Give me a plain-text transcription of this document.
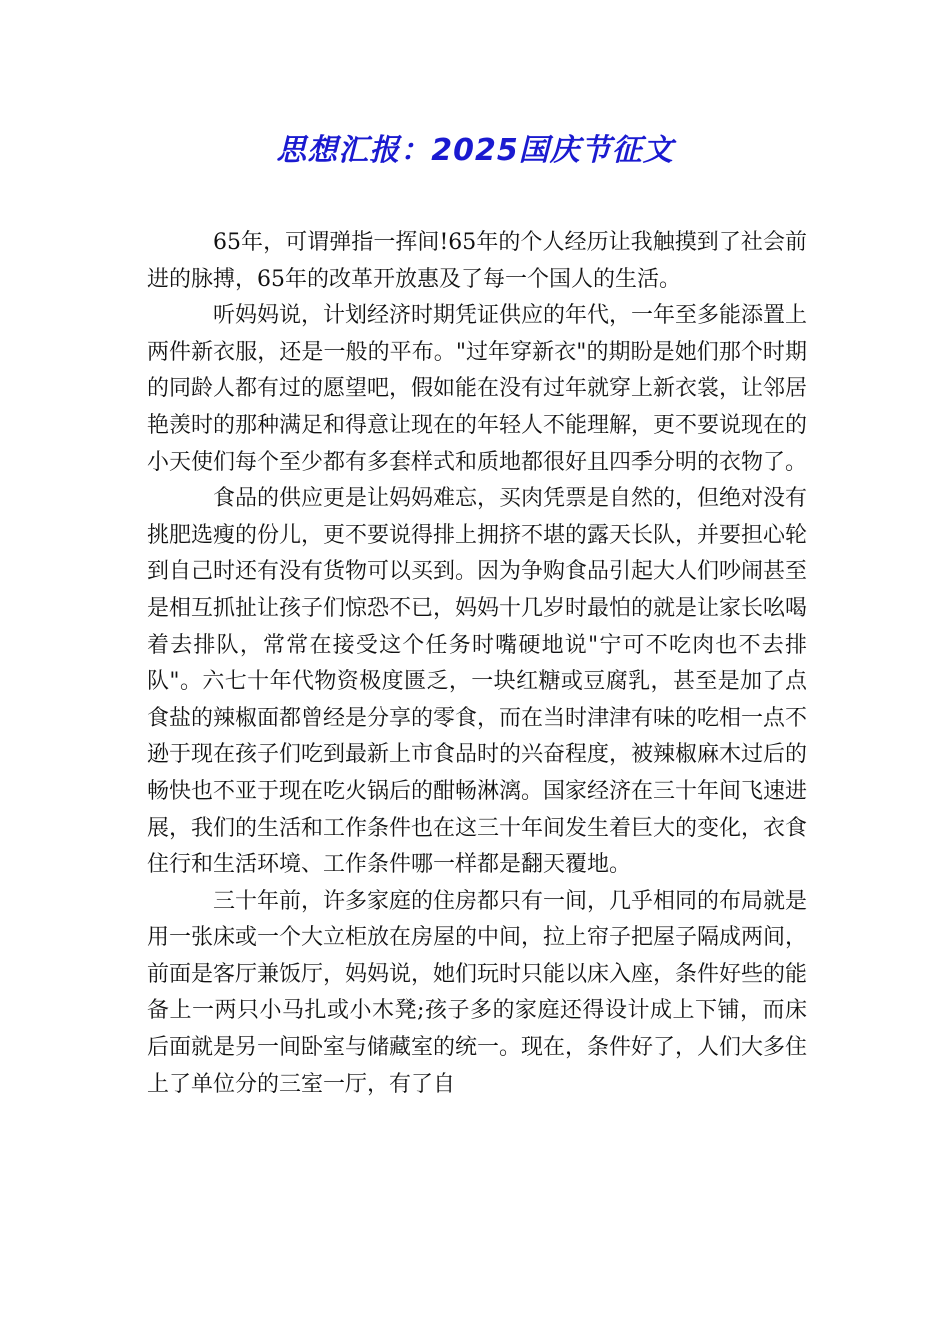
思想汇报：2025国庆节征文

65年，可谓弹指一挥间!65年的个人经历让我触摸到了社会前进的脉搏，65年的改革开放惠及了每一个国人的生活。

听妈妈说，计划经济时期凭证供应的年代，一年至多能添置上两件新衣服，还是一般的平布。"过年穿新衣"的期盼是她们那个时期的同龄人都有过的愿望吧，假如能在没有过年就穿上新衣裳，让邻居艳羡时的那种满足和得意让现在的年轻人不能理解，更不要说现在的小天使们每个至少都有多套样式和质地都很好且四季分明的衣物了。

食品的供应更是让妈妈难忘，买肉凭票是自然的，但绝对没有挑肥选瘦的份儿，更不要说得排上拥挤不堪的露天长队，并要担心轮到自己时还有没有货物可以买到。因为争购食品引起大人们吵闹甚至是相互抓扯让孩子们惊恐不已，妈妈十几岁时最怕的就是让家长吆喝着去排队，常常在接受这个任务时嘴硬地说"宁可不吃肉也不去排队"。六七十年代物资极度匮乏，一块红糖或豆腐乳，甚至是加了点食盐的辣椒面都曾经是分享的零食，而在当时津津有味的吃相一点不逊于现在孩子们吃到最新上市食品时的兴奋程度，被辣椒麻木过后的畅快也不亚于现在吃火锅后的酣畅淋漓。国家经济在三十年间飞速进展，我们的生活和工作条件也在这三十年间发生着巨大的变化，衣食住行和生活环境、工作条件哪一样都是翻天覆地。

三十年前，许多家庭的住房都只有一间，几乎相同的布局就是用一张床或一个大立柜放在房屋的中间，拉上帘子把屋子隔成两间，前面是客厅兼饭厅，妈妈说，她们玩时只能以床入座，条件好些的能备上一两只小马扎或小木凳;孩子多的家庭还得设计成上下铺，而床后面就是另一间卧室与储藏室的统一。现在，条件好了，人们大多住上了单位分的三室一厅，有了自
